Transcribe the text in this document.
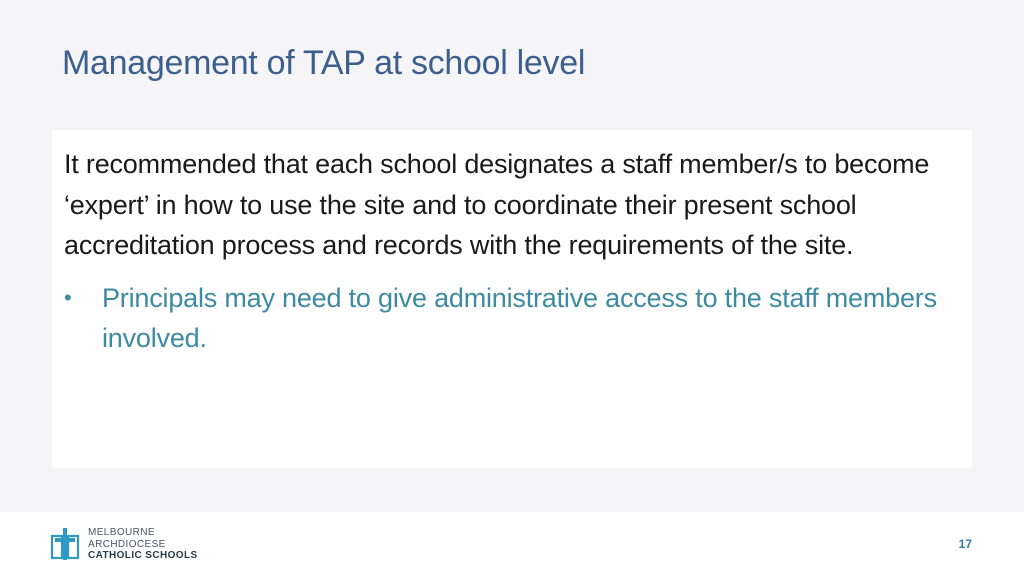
Management of TAP at school level

It recommended that each school designates a staff member/s to become ‘expert’ in how to use the site and to coordinate their present school accreditation process and records with the requirements of the site.

•	Principals may need to give administrative access to the staff members involved.
MELBOURNE
ARCHDIOCESE
CATHOLIC SCHOOLS
17
